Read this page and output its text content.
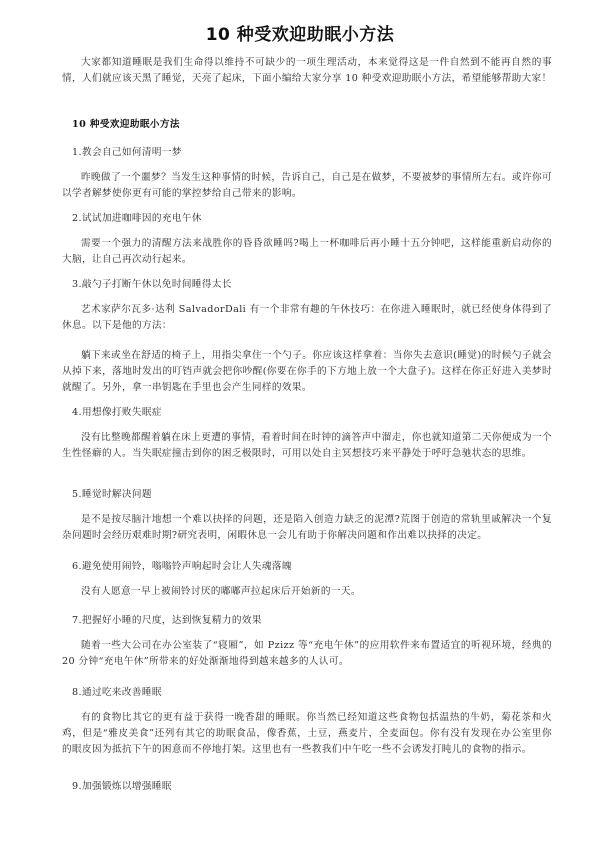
10 种受欢迎助眠小方法

大家都知道睡眠是我们生命得以维持不可缺少的一项生理活动，本来觉得这是一件自然到不能再自然的事情，人们就应该天黑了睡觉，天亮了起床，下面小编给大家分享 10 种受欢迎助眠小方法，希望能够帮助大家！

10 种受欢迎助眠小方法
1.教会自己如何清明一梦

昨晚做了一个噩梦？当发生这种事情的时候，告诉自己，自己是在做梦，不要被梦的事情所左右。或许你可以学者解梦使你更有可能的掌控梦给自己带来的影响。

2.试试加进咖啡因的充电午休

需要一个强力的清醒方法来战胜你的昏昏欲睡吗?喝上一杯咖啡后再小睡十五分钟吧，这样能重新启动你的大脑，让自己再次动行起来。

3.敲勺子打断午休以免时间睡得太长

艺术家萨尔瓦多·达利 SalvadorDali 有一个非常有趣的午休技巧：在你进入睡眠时，就已经使身体得到了休息。以下是他的方法：

躺下来或坐在舒适的椅子上，用指尖拿住一个勺子。你应该这样拿着：当你失去意识(睡觉)的时候勺子就会从掉下来，落地时发出的叮铛声就会把你吵醒(你要在你手的下方地上放一个大盘子)。这样在你正好进入美梦时就醒了。另外，拿一串钥匙在手里也会产生同样的效果。

4.用想像打败失眠症

没有比整晚都醒着躺在床上更遭的事情，看着时间在时钟的滴答声中溜走，你也就知道第二天你便成为一个生性怪癖的人。当失眠症撞击到你的困乏极限时，可用以处自主冥想技巧来平静处于呼吁急驰状态的思维。

5.睡觉时解决问题

是不是按尽脑汁地想一个难以抉择的问题，还是陷入创造力缺乏的泥潭?荒图于创造的常轨里戚解决一个复杂问题时会经历艰难时期?研究表明，闲暇休息一会儿有助于你解决问题和作出难以抉择的决定。

6.避免使用闹铃，嗡嗡铃声响起时会让人失魂落魄

没有人愿意一早上被闹铃讨厌的嘟嘟声拉起床后开始新的一天。

7.把握好小睡的尺度，达到恢复精力的效果

随着一些大公司在办公室装了“寝厢”，如 Pzizz 等“充电午休”的应用软件来布置适宜的听视环境，经典的 20 分钟“充电午休”所带来的好处渐渐地得到越来越多的人认可。

8.通过吃来改善睡眠

有的食物比其它的更有益于获得一晚香甜的睡眠。你当然已经知道这些食物包括温热的牛奶，菊花茶和火鸡，但是“雅皮美食”还列有其它的助眠食品，像香蕉，土豆，燕麦片，全麦面包。你有没有发现在办公室里你的眼皮因为抵抗下午的困意而不停地打架。这里也有一些教我们中午吃一些不会诱发打盹儿的食物的指示。

9.加强锻炼以增强睡眠
